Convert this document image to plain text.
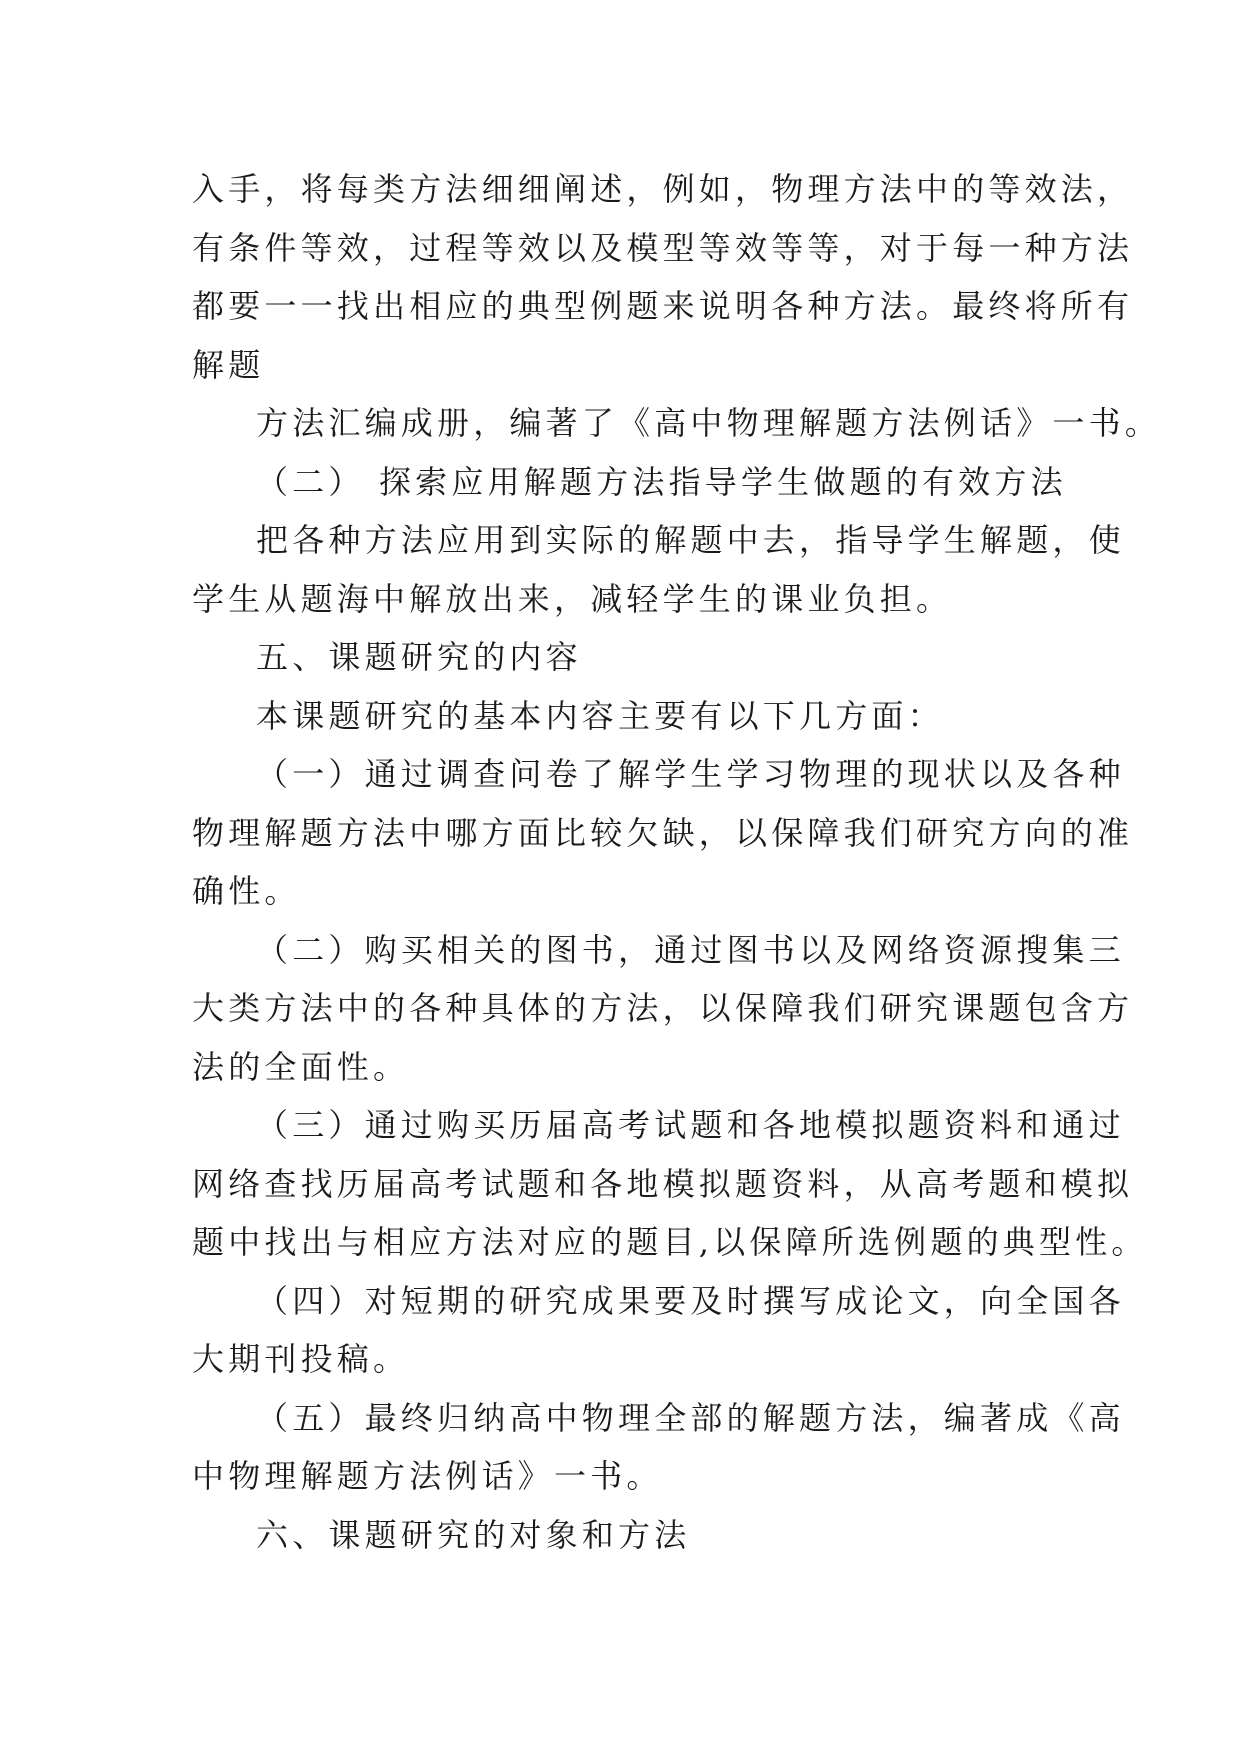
入手，将每类方法细细阐述，例如，物理方法中的等效法，
有条件等效，过程等效以及模型等效等等，对于每一种方法
都要一一找出相应的典型例题来说明各种方法。最终将所有
解题
方法汇编成册，编著了《高中物理解题方法例话》一书。
（二） 探索应用解题方法指导学生做题的有效方法
把各种方法应用到实际的解题中去，指导学生解题，使
学生从题海中解放出来，减轻学生的课业负担。
五、课题研究的内容
本课题研究的基本内容主要有以下几方面：
（一）通过调查问卷了解学生学习物理的现状以及各种
物理解题方法中哪方面比较欠缺，以保障我们研究方向的准
确性。
（二）购买相关的图书，通过图书以及网络资源搜集三
大类方法中的各种具体的方法，以保障我们研究课题包含方
法的全面性。
（三）通过购买历届高考试题和各地模拟题资料和通过
网络查找历届高考试题和各地模拟题资料，从高考题和模拟
题中找出与相应方法对应的题目,以保障所选例题的典型性。
（四）对短期的研究成果要及时撰写成论文，向全国各
大期刊投稿。
（五）最终归纳高中物理全部的解题方法，编著成《高
中物理解题方法例话》一书。
六、课题研究的对象和方法
